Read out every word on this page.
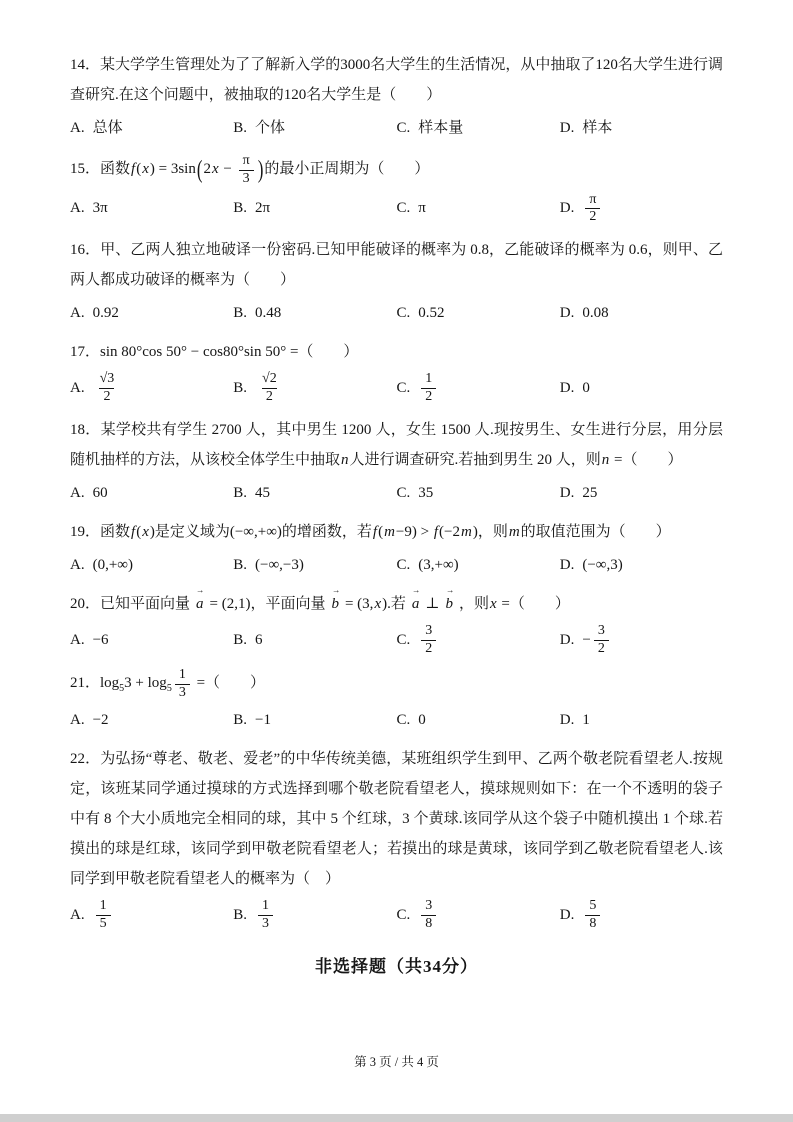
14．某大学学生管理处为了了解新入学的3000名大学生的生活情况，从中抽取了120名大学生进行调查研究.在这个问题中，被抽取的120名大学生是（　　）

A. 总体	B. 个体	C. 样本量	D. 样本

15．函数$f(x) = 3\sin(2x - \frac{\pi}{3}$ )的最小正周期为（　　）

A. 3π	B. 2π	C. π	D. $\frac{\pi}{2}$

16．甲、乙两人独立地破译一份密码.已知甲能破译的概率为 0.8，乙能破译的概率为 0.6，则甲、乙两人都成功破译的概率为（　　）

A. 0.92	B. 0.48	C. 0.52	D. 0.08

17．sin 80°cos 50° − cos80°sin 50° =（　　）

A. $\frac{√3}{2}$	B. $\frac{√2}{2}$	C. $\frac{1}{2}$	D. 0

18．某学校共有学生 2700 人，其中男生 1200 人，女生 1500 人.现按男生、女生进行分层，用分层随机抽样的方法，从该校全体学生中抽取n人进行调查研究.若抽到男生 20 人，则n =（　　）

A. 60	B. 45	C. 35	D. 25

19．函数f(x)是定义域为(−∞,+∞)的增函数，若f(m−9) > f(−2m)，则m的取值范围为（　　）

A. (0,+∞)	B. (−∞,−3)	C. (3,+∞)	D. (−∞,3)

20．已知平面向量 a → = (2,1)，平面向量 b → = (3,x).若 a → ⊥ b → ，则x =（　　）

A. −6	B. 6	C. $\frac{3}{2}$	D. − $\frac{3}{2}$

21．$\log_53 + \log_5 \frac{1}{3}$ =（　　）

A. −2	B. −1	C. 0	D. 1

22．为弘扬“尊老、敬老、爱老”的中华传统美德，某班组织学生到甲、乙两个敬老院看望老人.按规定，该班某同学通过摸球的方式选择到哪个敬老院看望老人，摸球规则如下：在一个不透明的袋子中有 8 个大小质地完全相同的球，其中 5 个红球，3 个黄球.该同学从这个袋子中随机摸出 1 个球.若摸出的球是红球，该同学到甲敬老院看望老人；若摸出的球是黄球，该同学到乙敬老院看望老人.该同学到甲敬老院看望老人的概率为（　）

A. $\frac{1}{5}$	B. $\frac{1}{3}$	C. $\frac{3}{8}$	D. $\frac{5}{8}$
非选择题（共34分）
第 3 页 / 共 4 页
